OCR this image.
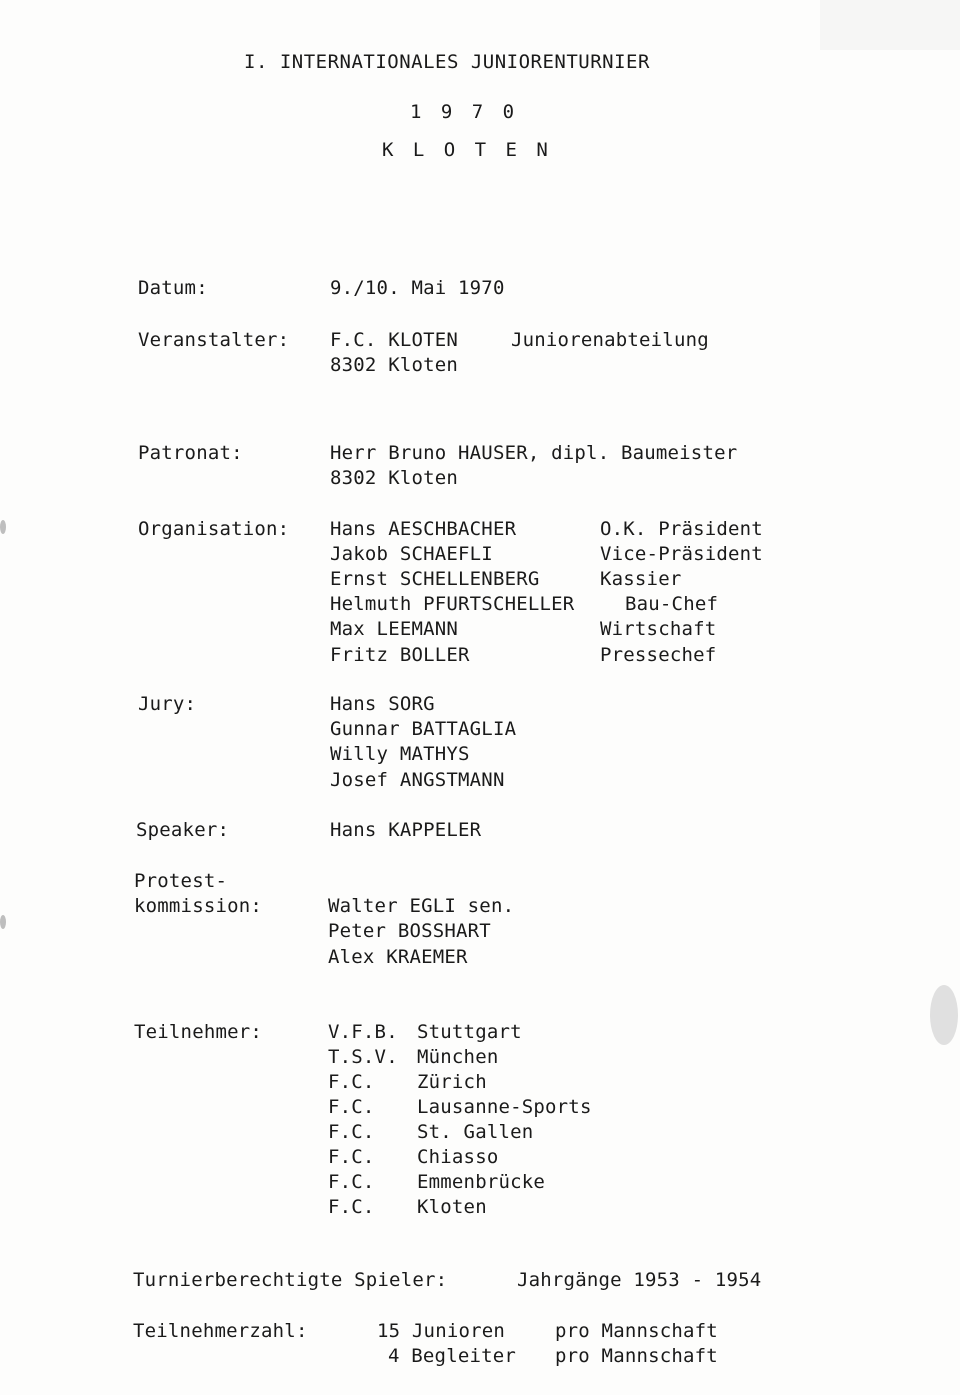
I. INTERNATIONALES JUNIORENTURNIER
1 9 7 0
K L O T E N
Datum:	9./10. Mai 1970
Veranstalter: F.C. KLOTEN	Juniorenabteilung
8302 Kloten
Patronat:	Herr Bruno HAUSER, dipl. Baumeister
8302 Kloten
Organisation: Hans AESCHBACHER	O.K. Präsident
Jakob SCHAEFLI	Vice-Präsident
Ernst SCHELLENBERG	Kassier
Helmuth PFURTSCHELLER	Bau-Chef
Max LEEMANN	Wirtschaft
Fritz BOLLER	Pressechef
Jury:	Hans SORG
Gunnar BATTAGLIA
Willy MATHYS
Josef ANGSTMANN
Speaker:	Hans KAPPELER
Protest-
kommission:	Walter EGLI sen.
Peter BOSSHART
Alex KRAEMER
Teilnehmer:	V.F.B. Stuttgart
T.S.V. München
F.C. Zürich
F.C. Lausanne-Sports
F.C. St. Gallen
F.C. Chiasso
F.C. Emmenbrücke
F.C. Kloten
Turnierberechtigte Spieler:	Jahrgänge 1953 - 1954
Teilnehmerzahl:	15 Junioren	pro Mannschaft
4 Begleiter pro Mannschaft
